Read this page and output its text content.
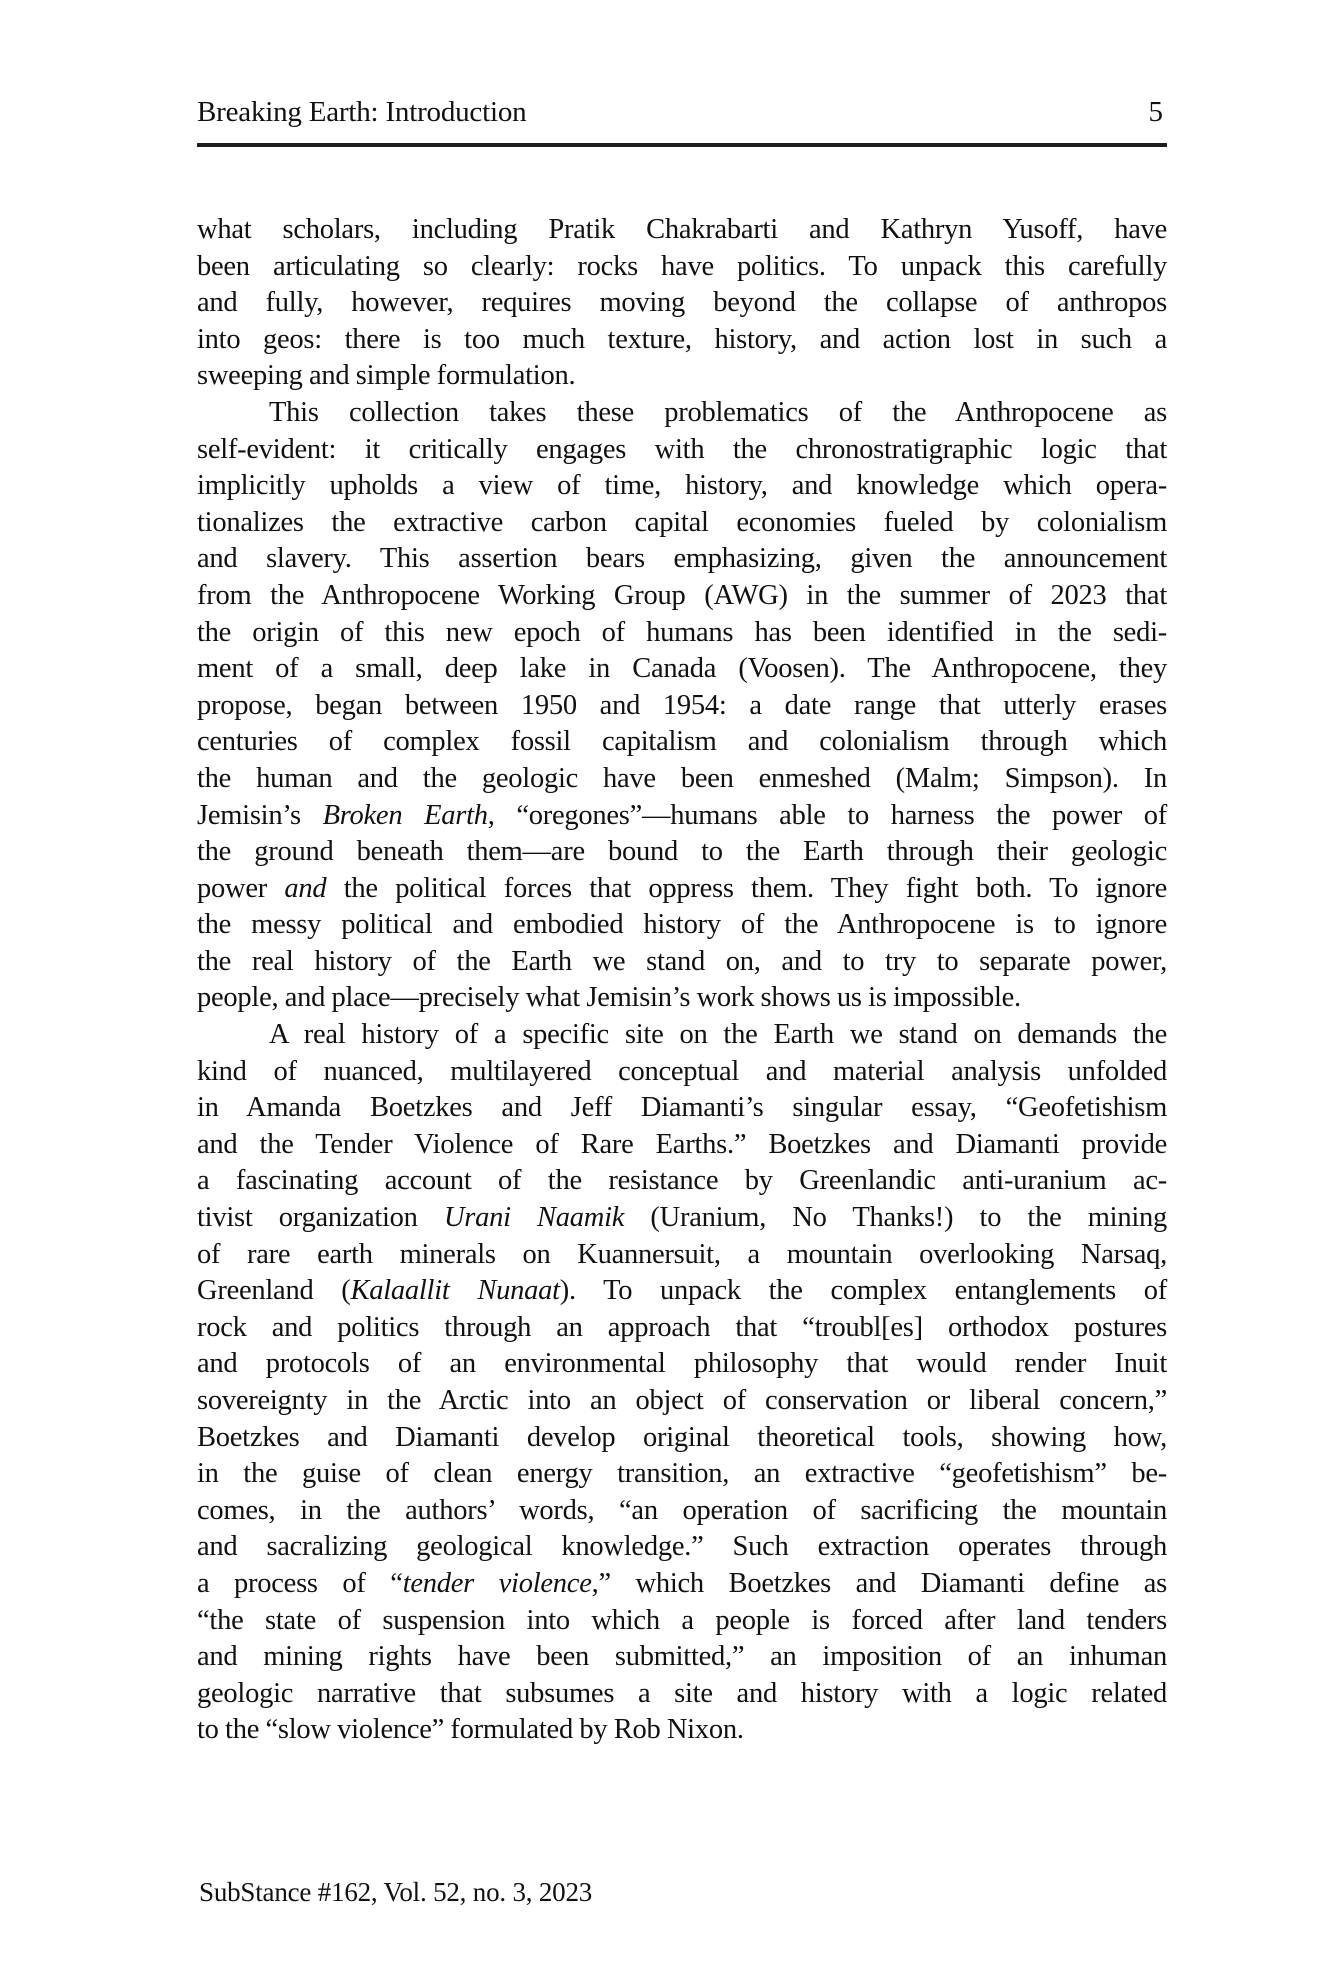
Breaking Earth: Introduction	5
what scholars, including Pratik Chakrabarti and Kathryn Yusoff, have
been articulating so clearly: rocks have politics. To unpack this carefully
and fully, however, requires moving beyond the collapse of anthropos
into geos: there is too much texture, history, and action lost in such a
sweeping and simple formulation.
This collection takes these problematics of the Anthropocene as
self-evident: it critically engages with the chronostratigraphic logic that
implicitly upholds a view of time, history, and knowledge which opera-
tionalizes the extractive carbon capital economies fueled by colonialism
and slavery. This assertion bears emphasizing, given the announcement
from the Anthropocene Working Group (AWG) in the summer of 2023 that
the origin of this new epoch of humans has been identified in the sedi-
ment of a small, deep lake in Canada (Voosen). The Anthropocene, they
propose, began between 1950 and 1954: a date range that utterly erases
centuries of complex fossil capitalism and colonialism through which
the human and the geologic have been enmeshed (Malm; Simpson). In
Jemisin’s Broken Earth, “oregones”—humans able to harness the power of
the ground beneath them—are bound to the Earth through their geologic
power and the political forces that oppress them. They fight both. To ignore
the messy political and embodied history of the Anthropocene is to ignore
the real history of the Earth we stand on, and to try to separate power,
people, and place—precisely what Jemisin’s work shows us is impossible.
A real history of a specific site on the Earth we stand on demands the
kind of nuanced, multilayered conceptual and material analysis unfolded
in Amanda Boetzkes and Jeff Diamanti’s singular essay, “Geofetishism
and the Tender Violence of Rare Earths.” Boetzkes and Diamanti provide
a fascinating account of the resistance by Greenlandic anti-uranium ac-
tivist organization Urani Naamik (Uranium, No Thanks!) to the mining
of rare earth minerals on Kuannersuit, a mountain overlooking Narsaq,
Greenland (Kalaallit Nunaat). To unpack the complex entanglements of
rock and politics through an approach that “troubl[es] orthodox postures
and protocols of an environmental philosophy that would render Inuit
sovereignty in the Arctic into an object of conservation or liberal concern,”
Boetzkes and Diamanti develop original theoretical tools, showing how,
in the guise of clean energy transition, an extractive “geofetishism” be-
comes, in the authors’ words, “an operation of sacrificing the mountain
and sacralizing geological knowledge.” Such extraction operates through
a process of “tender violence,” which Boetzkes and Diamanti define as
“the state of suspension into which a people is forced after land tenders
and mining rights have been submitted,” an imposition of an inhuman
geologic narrative that subsumes a site and history with a logic related
to the “slow violence” formulated by Rob Nixon.
SubStance #162, Vol. 52, no. 3, 2023
